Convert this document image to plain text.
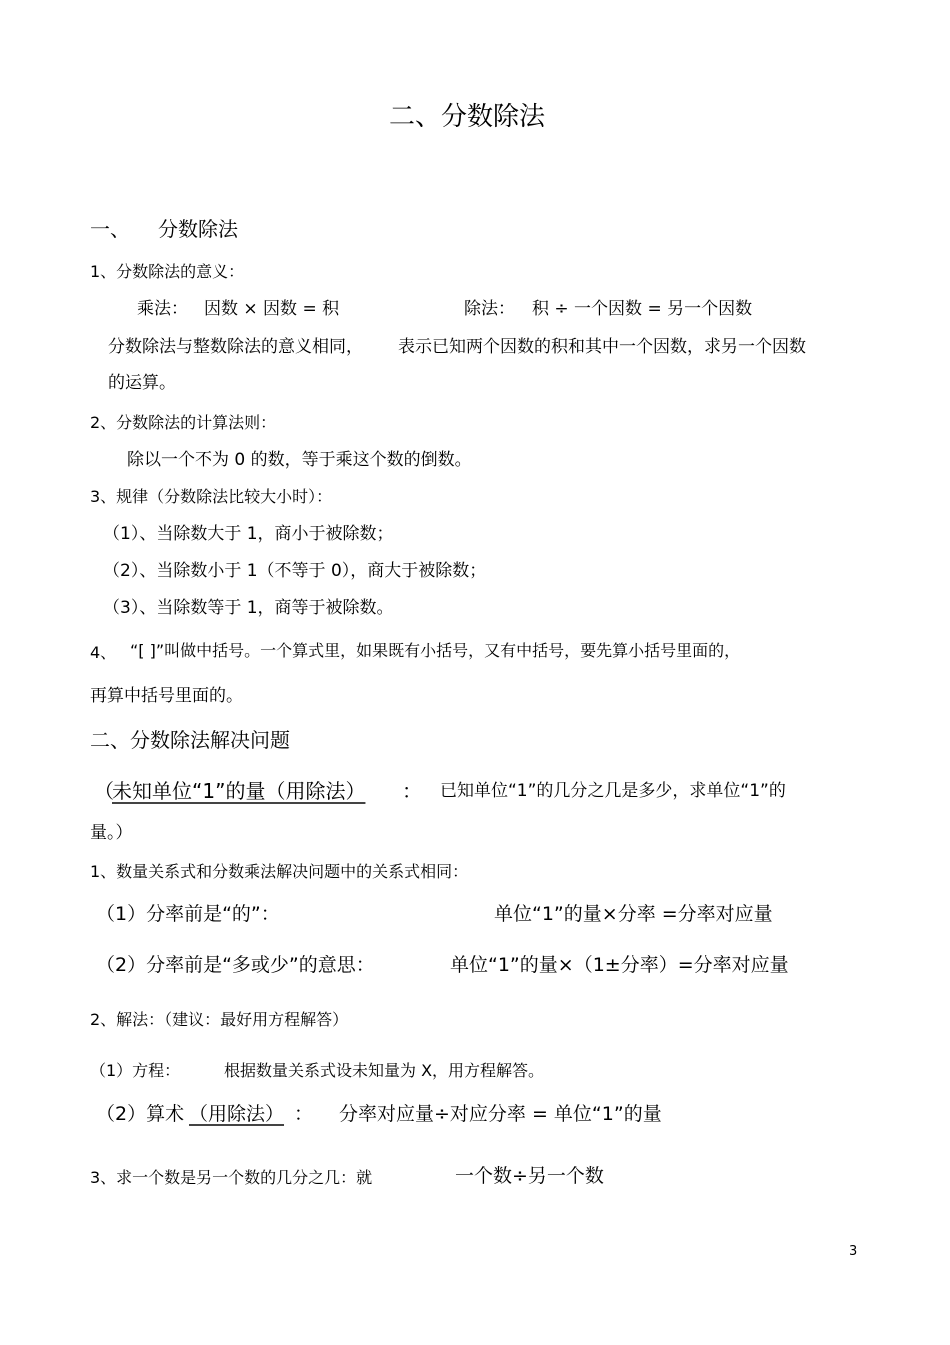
二、分数除法
一、 分数除法
1、分数除法的意义：
乘法： 因数 × 因数 = 积	除法： 积 ÷ 一个因数 = 另一个因数
分数除法与整数除法的意义相同， 表示已知两个因数的积和其中一个因数，求另一个因数
的运算。
2、分数除法的计算法则：
除以一个不为 0 的数，等于乘这个数的倒数。
3、规律（分数除法比较大小时）：
（1）、当除数大于 1，商小于被除数；
（2）、当除数小于 1（不等于 0），商大于被除数；
（3）、当除数等于 1，商等于被除数。
4、 “[ ]”叫做中括号。一个算式里，如果既有小括号，又有中括号，要先算小括号里面的，
再算中括号里面的。
二、分数除法解决问题
（
未知单位“1”的量（用除法） ： 已知单位“1”的几分之几是多少，求单位“1”的
量。）
1、数量关系式和分数乘法解决问题中的关系式相同：
（1）分率前是“的”：	单位“1”的量×分率 =分率对应量
（2）分率前是“多或少”的意思：	单位“1”的量×（1±分率）=分率对应量
2、解法：（建议：最好用方程解答）
（1）方程：	根据数量关系式设未知量为 X，用方程解答。
（2）算术 （用除法） ： 分率对应量÷对应分率 = 单位“1”的量
3、求一个数是另一个数的几分之几：就	一个数÷另一个数
3
